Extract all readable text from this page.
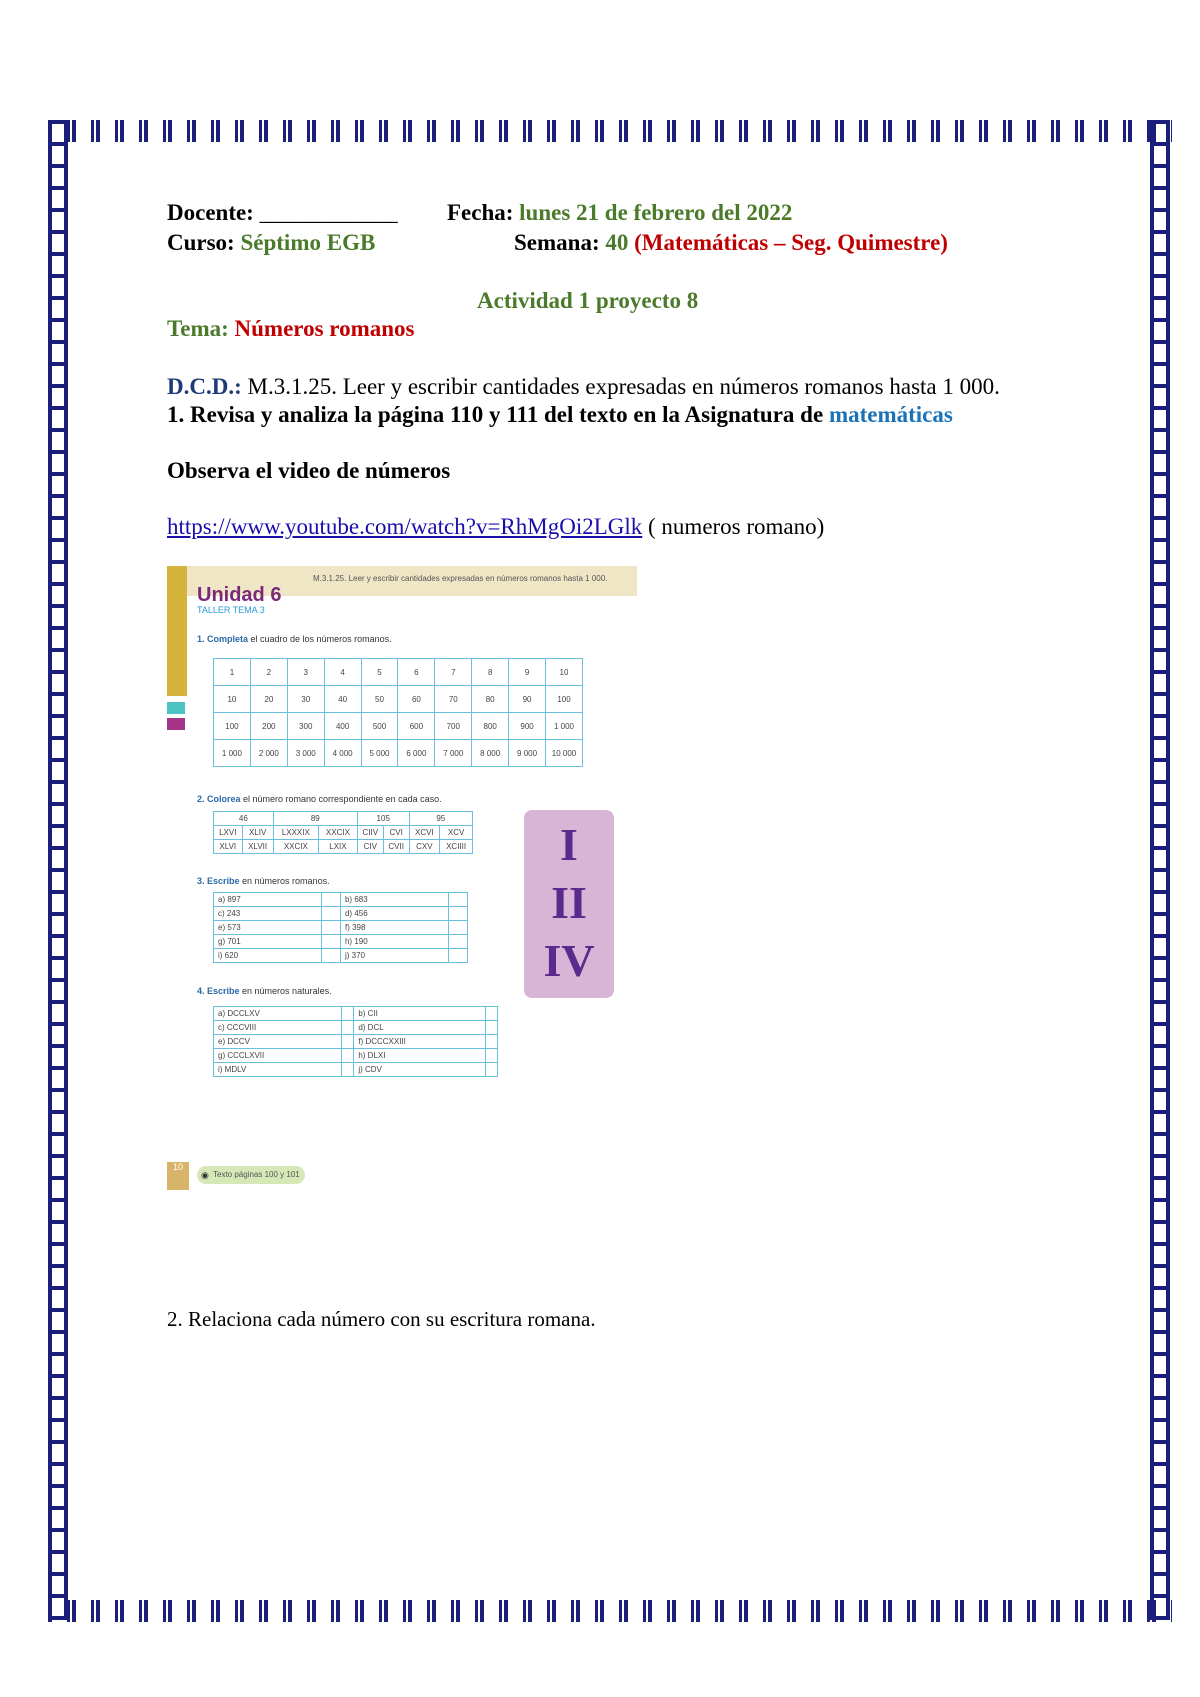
Docente: ____________ Fecha: lunes 21 de febrero del 2022
Curso: Séptimo EGB	Semana: 40 (Matemáticas – Seg. Quimestre)
Actividad 1 proyecto 8
Tema: Números romanos
D.C.D.: M.3.1.25. Leer y escribir cantidades expresadas en números romanos hasta 1 000.
1. Revisa y analiza la página 110 y 111 del texto en la Asignatura de matemáticas
Observa el video de números
https://www.youtube.com/watch?v=RhMgOi2LGlk ( numeros romano)
2. Relaciona cada número con su escritura romana.
M.3.1.25. Leer y escribir cantidades expresadas en números romanos hasta 1 000.
Unidad 6
TALLER TEMA 3
1. Completa el cuadro de los números romanos.
1	2	3	4	5	6	7	8	9	10
10	20	30	40	50	60	70	80	90	100
100	200	300	400	500	600	700	800	900	1 000
1 000	2 000	3 000	4 000	5 000	6 000	7 000	8 000	9 000	10 000
2. Colorea el número romano correspondiente en cada caso.
46		89		105		95	
LXVI	XLIV	LXXXIX	XXCIX	CIIV	CVI	XCVI	XCV
XLVI	XLVII	XXCIX	LXIX	CIV	CVII	CXV	XCIIII
3. Escribe en números romanos.
a) 897		b) 683	
c) 243		d) 456	
e) 573		f) 398	
g) 701		h) 190	
i) 620		j) 370	
4. Escribe en números naturales.
a) DCCLXV		b) CII	
c) CCCVIII		d) DCL	
e) DCCV		f) DCCCXXIII	
g) CCCLXVII		h) DLXI	
i) MDLV		j) CDV	
I
II
IV
10
◉ Texto páginas 100 y 101
